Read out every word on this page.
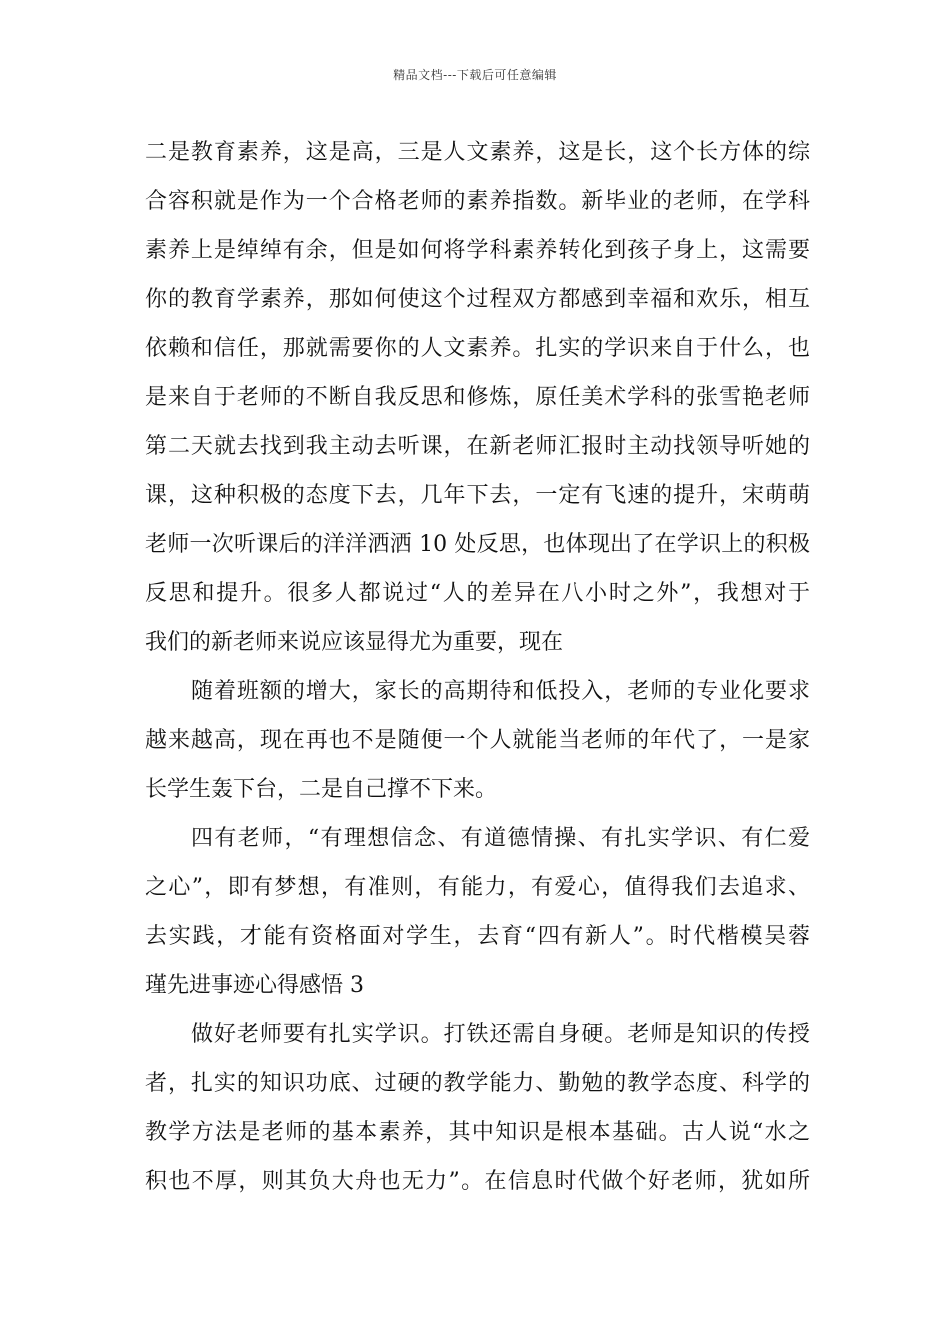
精品文档---下载后可任意编辑
二是教育素养，这是高，三是人文素养，这是长，这个长方体的综
合容积就是作为一个合格老师的素养指数。新毕业的老师，在学科
素养上是绰绰有余，但是如何将学科素养转化到孩子身上，这需要
你的教育学素养，那如何使这个过程双方都感到幸福和欢乐，相互
依赖和信任，那就需要你的人文素养。扎实的学识来自于什么，也
是来自于老师的不断自我反思和修炼，原任美术学科的张雪艳老师
第二天就去找到我主动去听课，在新老师汇报时主动找领导听她的
课，这种积极的态度下去，几年下去，一定有飞速的提升，宋萌萌
老师一次听课后的洋洋洒洒 10 处反思，也体现出了在学识上的积极
反思和提升。很多人都说过“人的差异在八小时之外”，我想对于
我们的新老师来说应该显得尤为重要，现在
随着班额的增大，家长的高期待和低投入，老师的专业化要求
越来越高，现在再也不是随便一个人就能当老师的年代了，一是家
长学生轰下台，二是自己撑不下来。
四有老师，“有理想信念、有道德情操、有扎实学识、有仁爱
之心”，即有梦想，有准则，有能力，有爱心，值得我们去追求、
去实践，才能有资格面对学生，去育“四有新人”。时代楷模吴蓉
瑾先进事迹心得感悟 3
做好老师要有扎实学识。打铁还需自身硬。老师是知识的传授
者，扎实的知识功底、过硬的教学能力、勤勉的教学态度、科学的
教学方法是老师的基本素养，其中知识是根本基础。古人说“水之
积也不厚，则其负大舟也无力”。在信息时代做个好老师，犹如所
